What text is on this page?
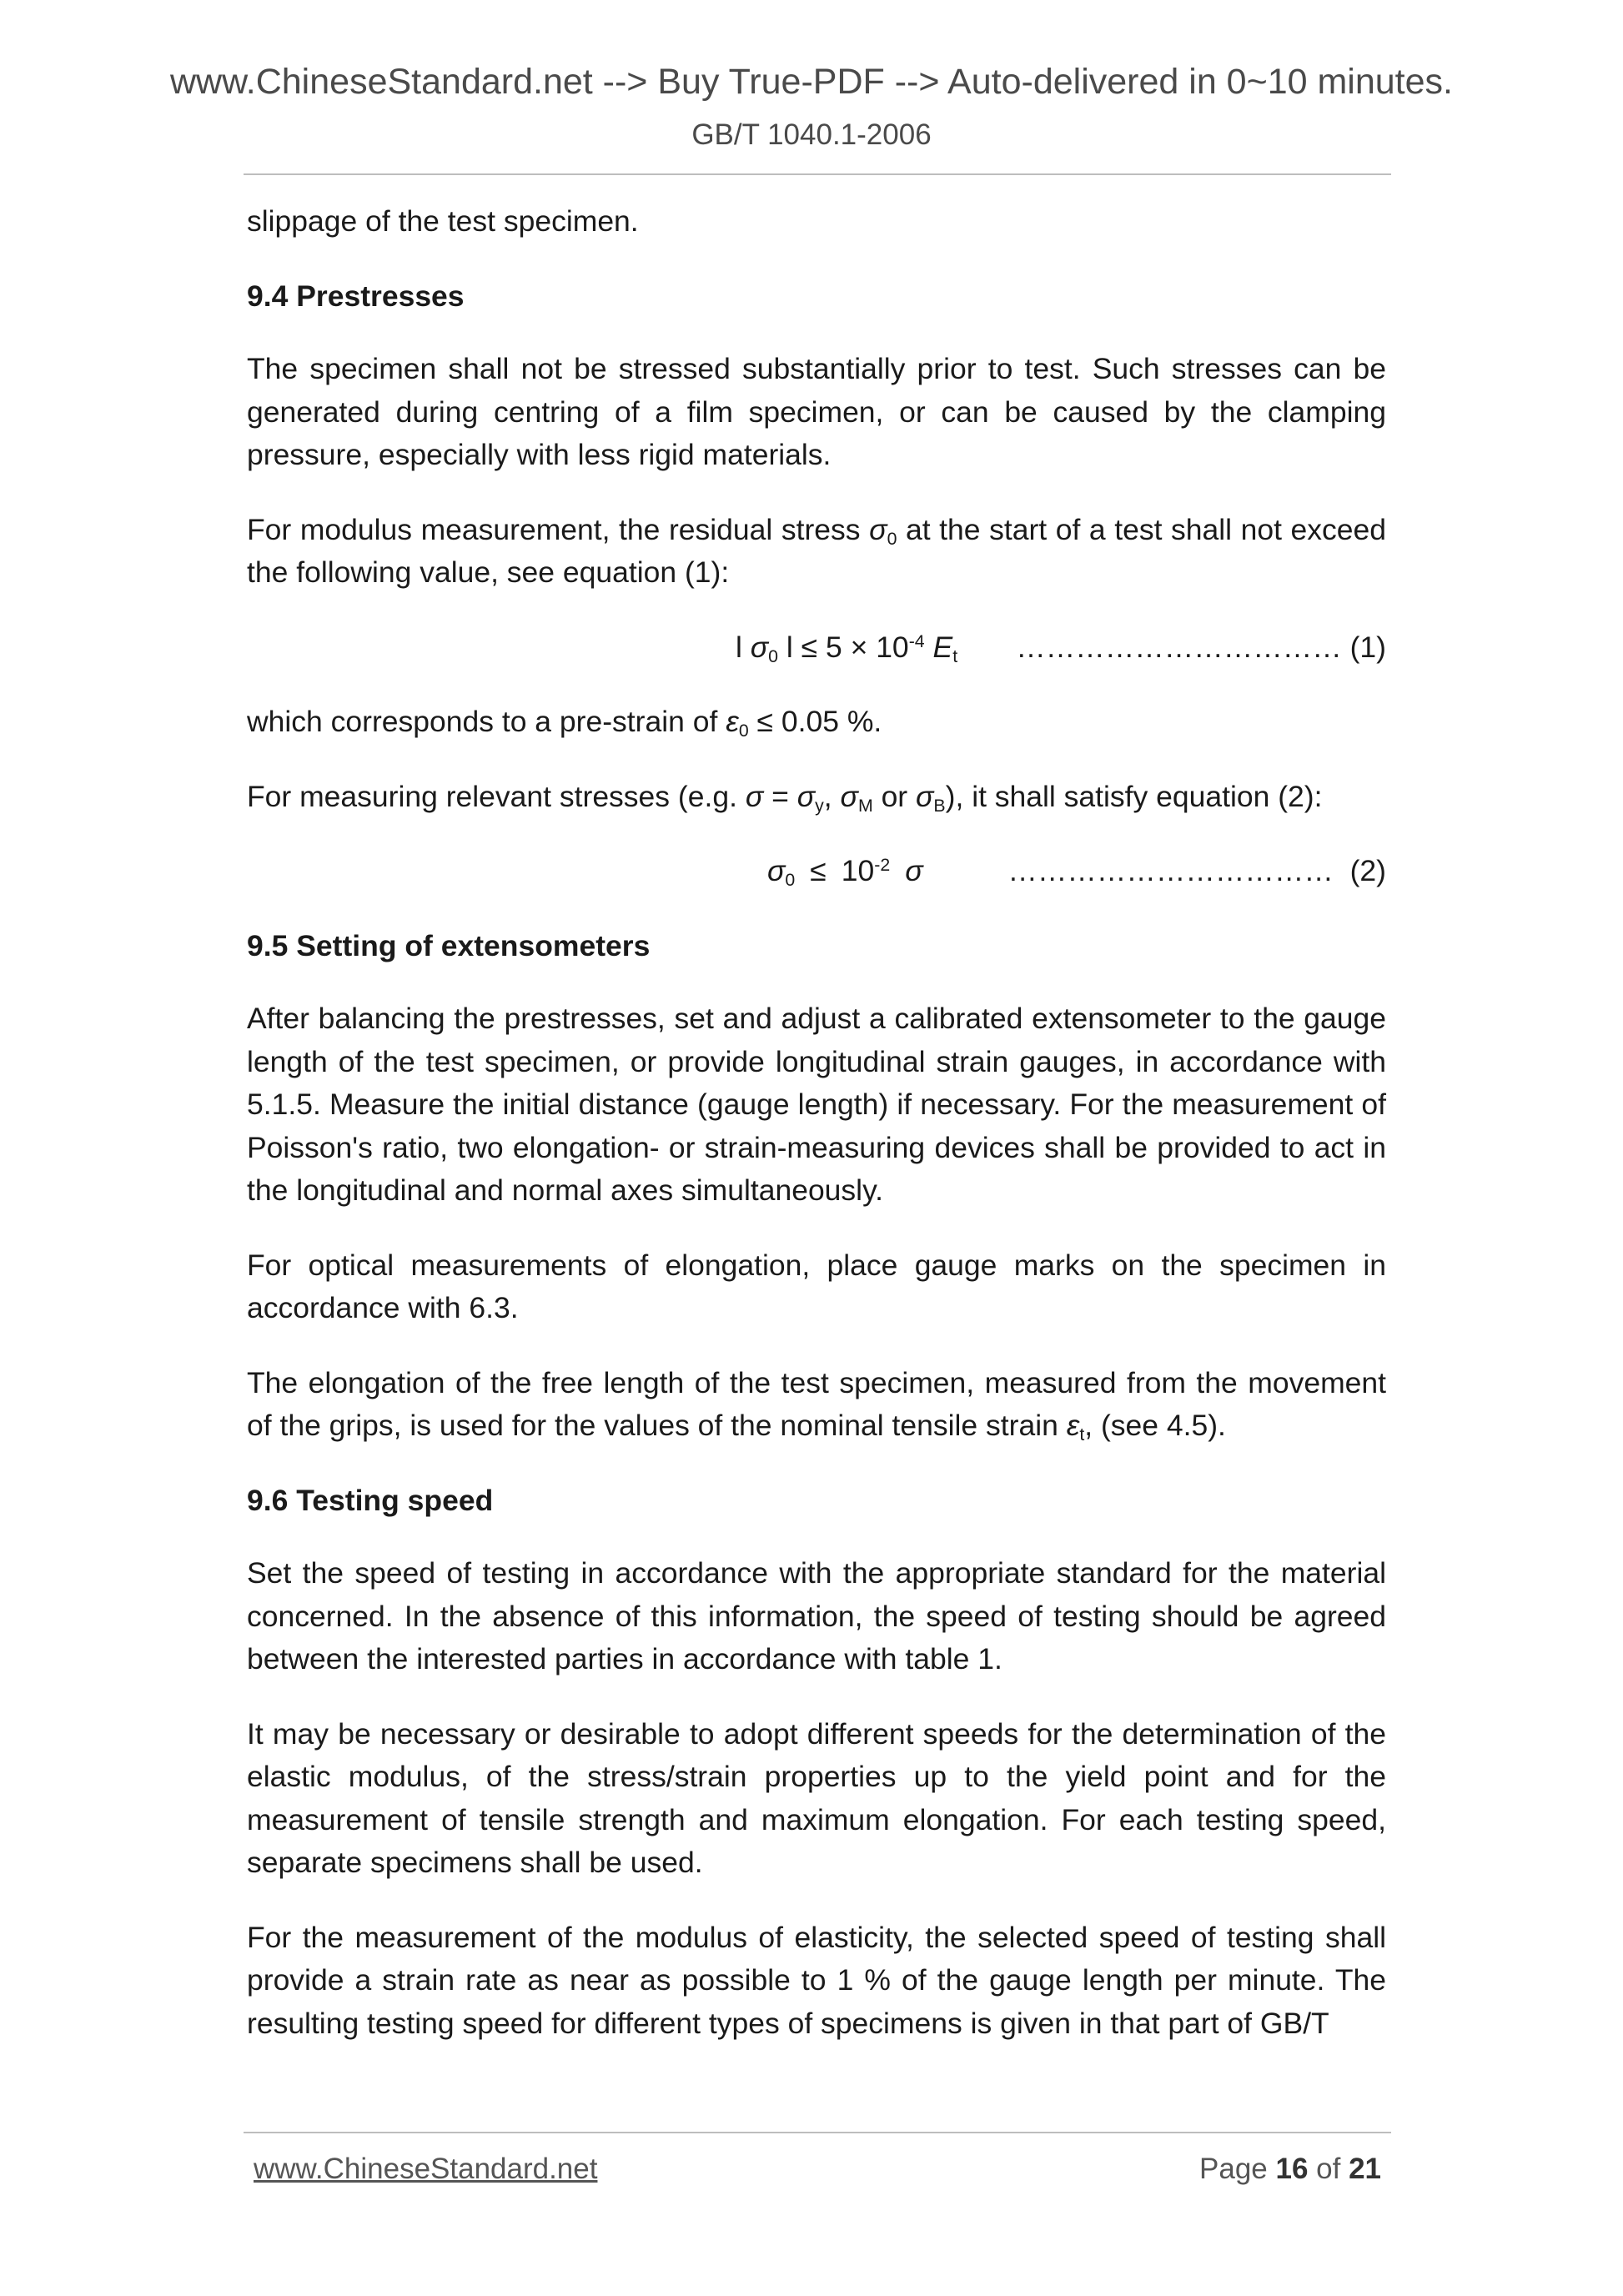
www.ChineseStandard.net --> Buy True-PDF --> Auto-delivered in 0~10 minutes.
GB/T 1040.1-2006

slippage of the test specimen.

9.4 Prestresses

The specimen shall not be stressed substantially prior to test. Such stresses can be generated during centring of a film specimen, or can be caused by the clamping pressure, especially with less rigid materials.

For modulus measurement, the residual stress $\sigma_0$ at the start of a test shall not exceed the following value, see equation (1):

l $\sigma_0$ $l \le 5 \times 10^{-4}$ $E_t$ …………………………… (1)

which corresponds to a pre-strain of $\varepsilon_0 \le 0.05$ %.

For measuring relevant stresses (e.g. $\sigma = \sigma_y$, $\sigma_M$ or $\sigma_B$), it shall satisfy equation (2):

$\sigma_0 \le 10^{-2}$ σ	…………………………… (2)
9.5 Setting of extensometers

After balancing the prestresses, set and adjust a calibrated extensometer to the gauge length of the test specimen, or provide longitudinal strain gauges, in accordance with 5.1.5. Measure the initial distance (gauge length) if necessary. For the measurement of Poisson's ratio, two elongation- or strain-measuring devices shall be provided to act in the longitudinal and normal axes simultaneously.

For optical measurements of elongation, place gauge marks on the specimen in accordance with 6.3.

The elongation of the free length of the test specimen, measured from the movement of the grips, is used for the values of the nominal tensile strain $\varepsilon_t$, (see 4.5).

9.6 Testing speed

Set the speed of testing in accordance with the appropriate standard for the material concerned. In the absence of this information, the speed of testing should be agreed between the interested parties in accordance with table 1.

It may be necessary or desirable to adopt different speeds for the determination of the elastic modulus, of the stress/strain properties up to the yield point and for the measurement of tensile strength and maximum elongation. For each testing speed, separate specimens shall be used.

For the measurement of the modulus of elasticity, the selected speed of testing shall provide a strain rate as near as possible to 1 % of the gauge length per minute. The resulting testing speed for different types of specimens is given in that part of GB/T

www.ChineseStandard.net	Page 16 of 21
